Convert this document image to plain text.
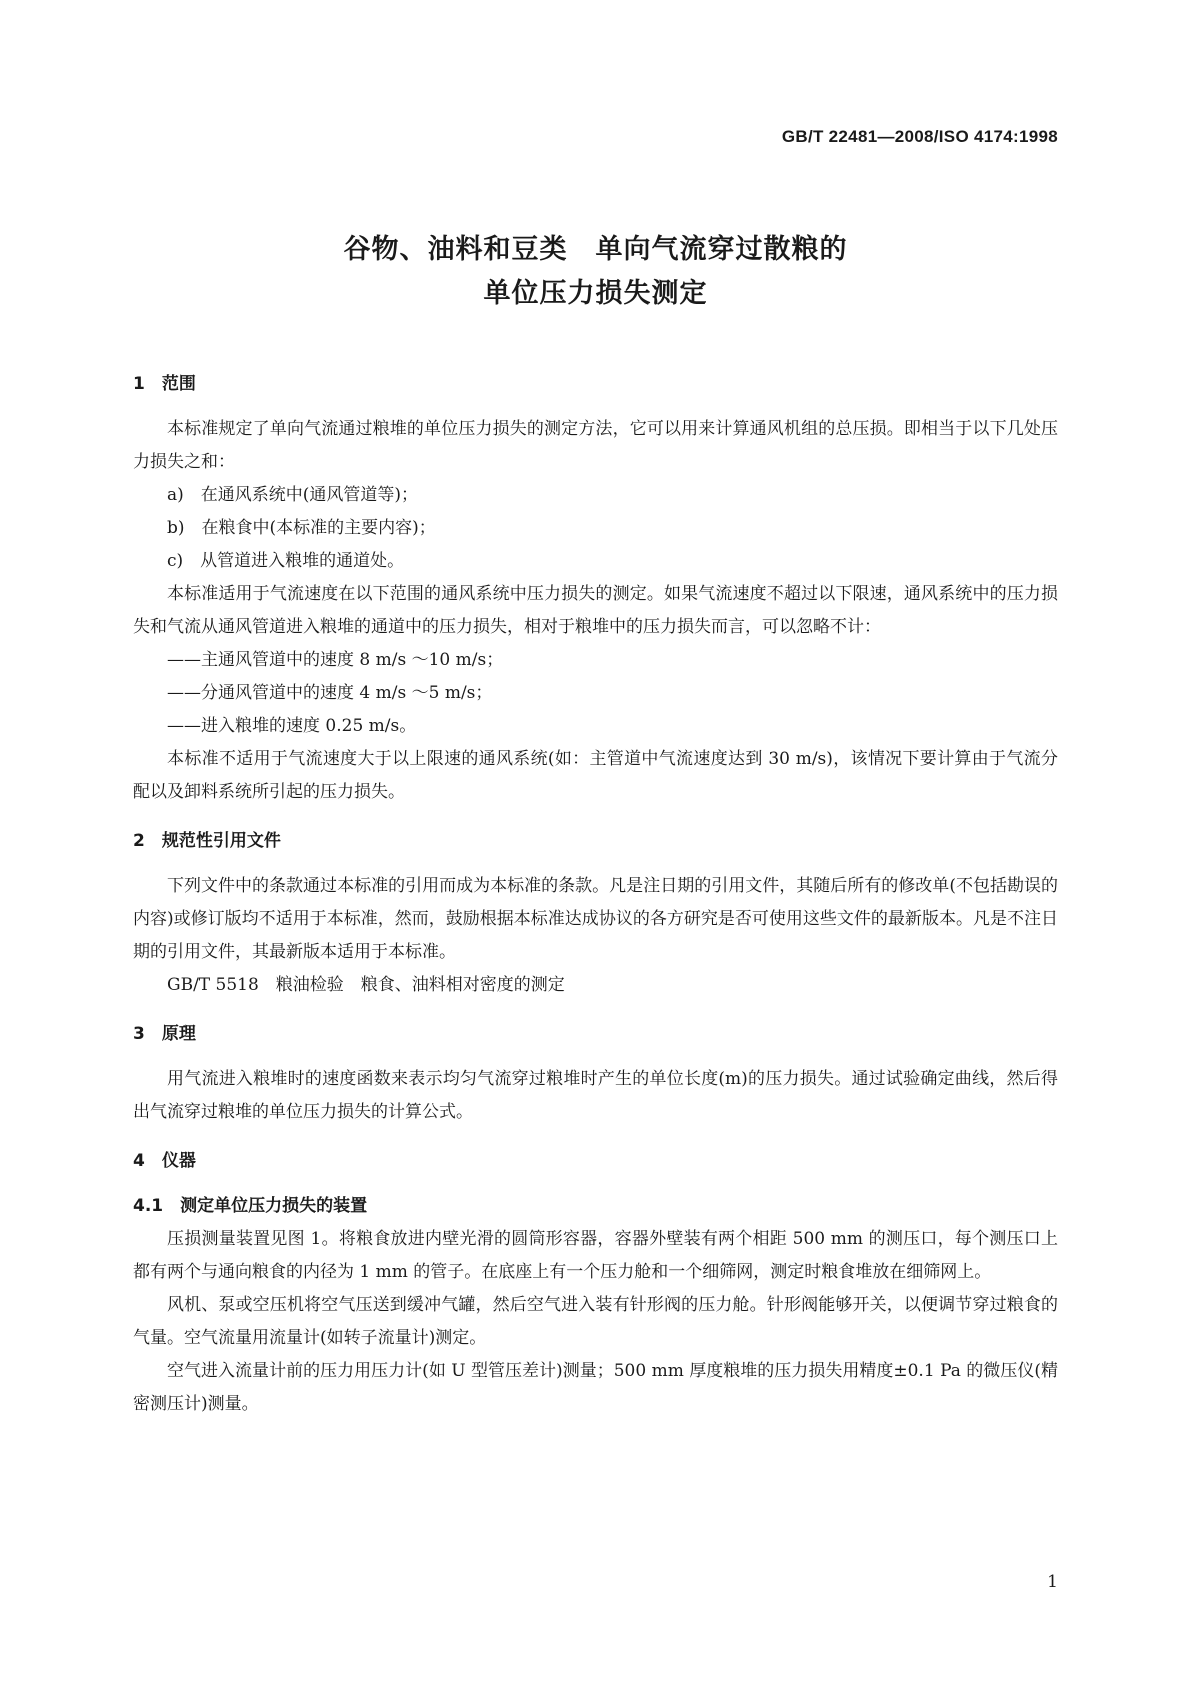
GB/T 22481—2008/ISO 4174:1998
谷物、油料和豆类　单向气流穿过散粮的
单位压力损失测定
1　范围

本标准规定了单向气流通过粮堆的单位压力损失的测定方法，它可以用来计算通风机组的总压损。即相当于以下几处压力损失之和：

a)　在通风系统中(通风管道等)；
b)　在粮食中(本标准的主要内容)；
c)　从管道进入粮堆的通道处。

本标准适用于气流速度在以下范围的通风系统中压力损失的测定。如果气流速度不超过以下限速，通风系统中的压力损失和气流从通风管道进入粮堆的通道中的压力损失，相对于粮堆中的压力损失而言，可以忽略不计：

——主通风管道中的速度 8 m/s ～10 m/s；
——分通风管道中的速度 4 m/s ～5 m/s；
——进入粮堆的速度 0.25 m/s。

本标准不适用于气流速度大于以上限速的通风系统(如：主管道中气流速度达到 30 m/s)，该情况下要计算由于气流分配以及卸料系统所引起的压力损失。

2　规范性引用文件

下列文件中的条款通过本标准的引用而成为本标准的条款。凡是注日期的引用文件，其随后所有的修改单(不包括勘误的内容)或修订版均不适用于本标准，然而，鼓励根据本标准达成协议的各方研究是否可使用这些文件的最新版本。凡是不注日期的引用文件，其最新版本适用于本标准。

GB/T 5518　粮油检验　粮食、油料相对密度的测定
3　原理

用气流进入粮堆时的速度函数来表示均匀气流穿过粮堆时产生的单位长度(m)的压力损失。通过试验确定曲线，然后得出气流穿过粮堆的单位压力损失的计算公式。

4　仪器
4.1　测定单位压力损失的装置

压损测量装置见图 1。将粮食放进内壁光滑的圆筒形容器，容器外壁装有两个相距 500 mm 的测压口，每个测压口上都有两个与通向粮食的内径为 1 mm 的管子。在底座上有一个压力舱和一个细筛网，测定时粮食堆放在细筛网上。

风机、泵或空压机将空气压送到缓冲气罐，然后空气进入装有针形阀的压力舱。针形阀能够开关，以便调节穿过粮食的气量。空气流量用流量计(如转子流量计)测定。

空气进入流量计前的压力用压力计(如 U 型管压差计)测量；500 mm 厚度粮堆的压力损失用精度±0.1 Pa 的微压仪(精密测压计)测量。

1
